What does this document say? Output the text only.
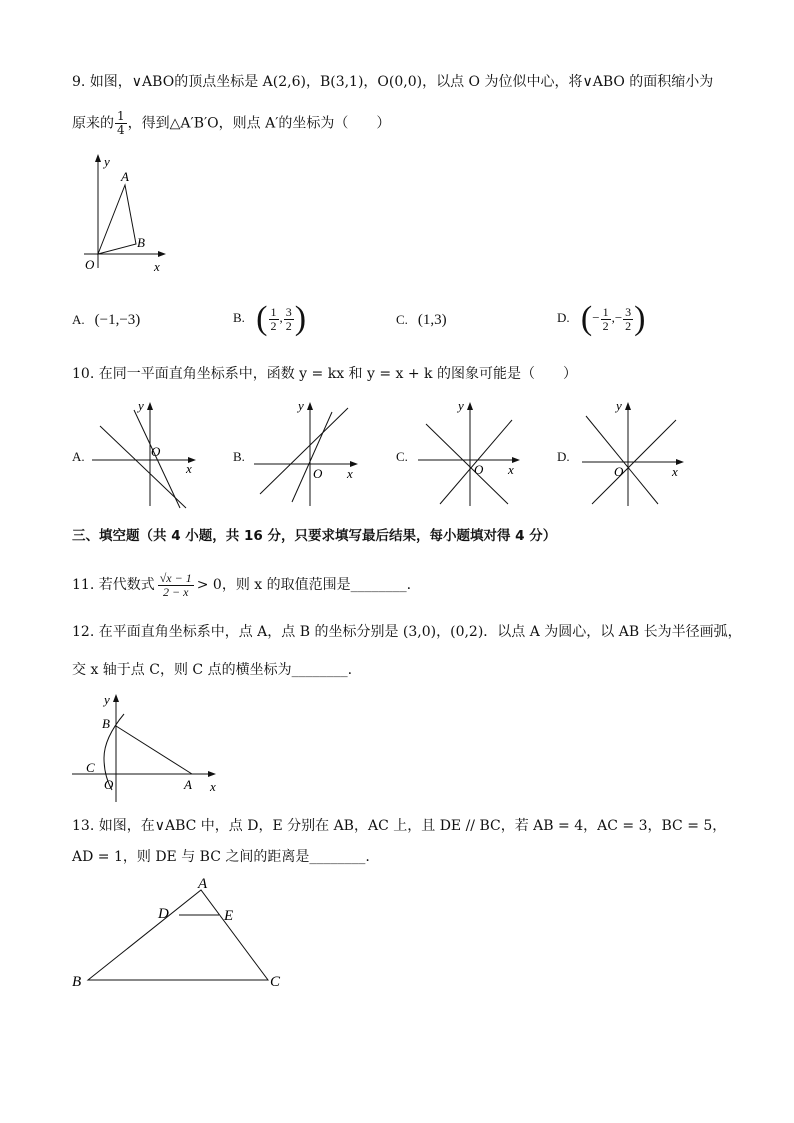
9. 如图，∨ABO的顶点坐标是 A(2,6)，B(3,1)，O(0,0)，以点 O 为位似中心，将∨ABO 的面积缩小为
原来的 $\frac{1}{4}$ ，得到△A′B′O，则点 A′的坐标为（　　）
y
A
B
O	x
A. (−1,−3)	B. ( $\frac{1}{2}$ , $\frac{3}{2}$ )	C. (1,3)	D. (− $\frac{1}{2}$ ,− $\frac{3}{2}$ )
10. 在同一平面直角坐标系中，函数 y = kx 和 y = x + k 的图象可能是（　　）
A.
y
O
x
B.
y
O x
C.
y
O x
D.
y
O	x
三、填空题（共 4 小题，共 16 分，只要求填写最后结果，每小题填对得 4 分）
11. 若代数式 $\frac{√x - 1}{2 - x} > 0$，则 x 的取值范围是________.
12. 在平面直角坐标系中，点 A，点 B 的坐标分别是 (3,0)，(0,2)．以点 A 为圆心，以 AB 长为半径画弧，
交 x 轴于点 C，则 C 点的横坐标为________.
y
B
C
O	A x
13. 如图，在∨ABC 中，点 D，E 分别在 AB，AC 上，且 DE // BC，若 AB = 4，AC = 3，BC = 5，
AD = 1，则 DE 与 BC 之间的距离是________.
A
D	E
B	C
